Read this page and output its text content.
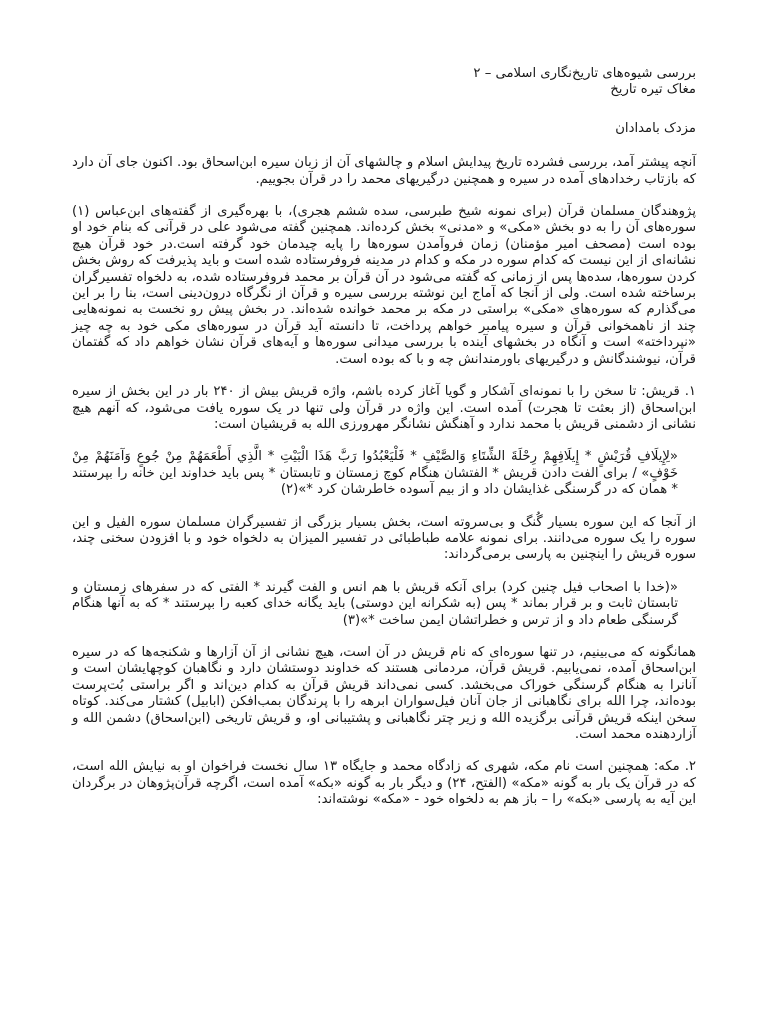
بررسی شیوه‌های تاریخ‌نگاری اسلامی – ۲

مغاک تیره تاریخ

مزدک بامدادان

آنچه پیشتر آمد، بررسی فشرده تاریخ پیدایش اسلام و چالشهای آن از زبان سیره ابن‌اسحاق بود. اکنون جای آن دارد که بازتاب رخدادهای آمده در سیره و همچنین درگیریهای محمد را در قرآن بجوییم.

پژوهندگان مسلمان قرآن (برای نمونه شیخ طبرسی، سده ششم هجری)، با بهره‌گیری از گفته‌های ابن‌عباس (۱) سوره‌های آن را به دو بخش «مکی» و «مدنی» بخش کرده‌اند. همچنین گفته می‌شود علی در قرآنی که بنام خود او بوده است (مصحف امیر مؤمنان) زمان فروآمدن سوره‌ها را پایه چیدمان خود گرفته است.در خود قرآن هیچ نشانه‌ای از این نیست که کدام سوره در مکه و کدام در مدینه فروفرستاده شده است و باید پذیرفت که روش بخش کردن سوره‌ها، سده‌ها پس از زمانی که گفته می‌شود در آن قرآن بر محمد فروفرستاده شده، به دلخواه تفسیرگران برساخته شده است. ولی از آنجا که آماج این نوشته بررسی سیره و قرآن از نگرگاه درون‌دینی است، بنا را بر این می‌گذارم که سوره‌های «مکی» براستی در مکه بر محمد خوانده شده‌اند. در بخش پیش رو نخست به نمونه‌هایی چند از ناهمخوانی قرآن و سیره پیامبر خواهم پرداخت، تا دانسته آید قرآن در سوره‌های مکی خود به چه چیز «نپرداخته» است و آنگاه در بخشهای آینده با بررسی میدانی سوره‌ها و آیه‌های قرآن نشان خواهم داد که گفتمان قرآن، نیوشندگانش و درگیریهای باورمندانش چه و با که بوده است.

۱. قریش: تا سخن را با نمونه‌ای آشکار و گویا آغاز کرده باشم، واژه قریش بیش از ۲۴۰ بار در این بخش از سیره ابن‌اسحاق (از بعثت تا هجرت) آمده است. این واژه در قرآن ولی تنها در یک سوره یافت می‌شود، که آنهم هیچ نشانی از دشمنی قریش با محمد ندارد و آهنگش نشانگر مهرورزی الله به قریشیان است:

«لِإِيلَافِ قُرَيْشٍ * إِيلَافِهِمْ رِحْلَةَ الشِّتَاءِ وَالصَّيْفِ * فَلْيَعْبُدُوا رَبَّ هَذَا الْبَيْتِ * الَّذِي أَطْعَمَهُمْ مِنْ جُوعٍ وَآمَنَهُمْ مِنْ خَوْفٍ» / برای الفت دادن قریش * الفتشان هنگام کوچ زمستان و تابستان * پس باید خداوند این خانه را بپرستند * همان که در گرسنگی غذایشان داد و از بیم آسوده خاطرشان کرد *»(۲)

از آنجا که این سوره بسیار گُنگ و بی‌سروته است، بخش بسیار بزرگی از تفسیرگران مسلمان سوره الفیل و این سوره را یک سوره می‌دانند. برای نمونه علامه طباطبائی در تفسیر المیزان به دلخواه خود و با افزودن سخنی چند، سوره قریش را اینچنین به پارسی برمی‌گرداند:

«(خدا با اصحاب فیل چنین کرد) برای آنکه قریش با هم انس و الفت گیرند * الفتی که در سفرهای زمستان و تابستان ثابت و بر قرار بماند * پس (به شکرانه این دوستی) باید یگانه خدای کعبه را بپرستند * که به آنها هنگام گرسنگی طعام داد و از ترس و خطراتشان ایمن ساخت *»(۳)

همانگونه که می‌بینیم، در تنها سوره‌ای که نام قریش در آن است، هیچ نشانی از آن آزارها و شکنجه‌ها که در سیره ابن‌اسحاق آمده، نمی‌یابیم. قریش قرآن، مردمانی هستند که خداوند دوستشان دارد و نگاهبان کوچهایشان است و آنانرا به هنگام گرسنگی خوراک می‌بخشد. کسی نمی‌داند قریش قرآن به کدام دین‌اند و اگر براستی بُت‌پرست بوده‌اند، چرا الله برای نگاهبانی از جان آنان فیل‌سواران ابرهه را با پرندگان بمب‌افکن (ابابیل) کشتار می‌کند. کوتاه سخن اینکه قریش قرآنی برگزیده الله و زیر چتر نگاهبانی و پشتیبانی او، و قریش تاریخی (ابن‌اسحاق) دشمن الله و آزاردهنده محمد است.

۲. مکه: همچنین است نام مکه، شهری که زادگاه محمد و جایگاه ۱۳ سال نخست فراخوان او به نیایش الله است، که در قرآن یک بار به گونه «مکه» (الفتح، ۲۴) و دیگر بار به گونه «بکه» آمده است، اگرچه قرآن‌پژوهان در برگردان این آیه به پارسی «بکه» را – باز هم به دلخواه خود - «مکه» نوشته‌اند:
